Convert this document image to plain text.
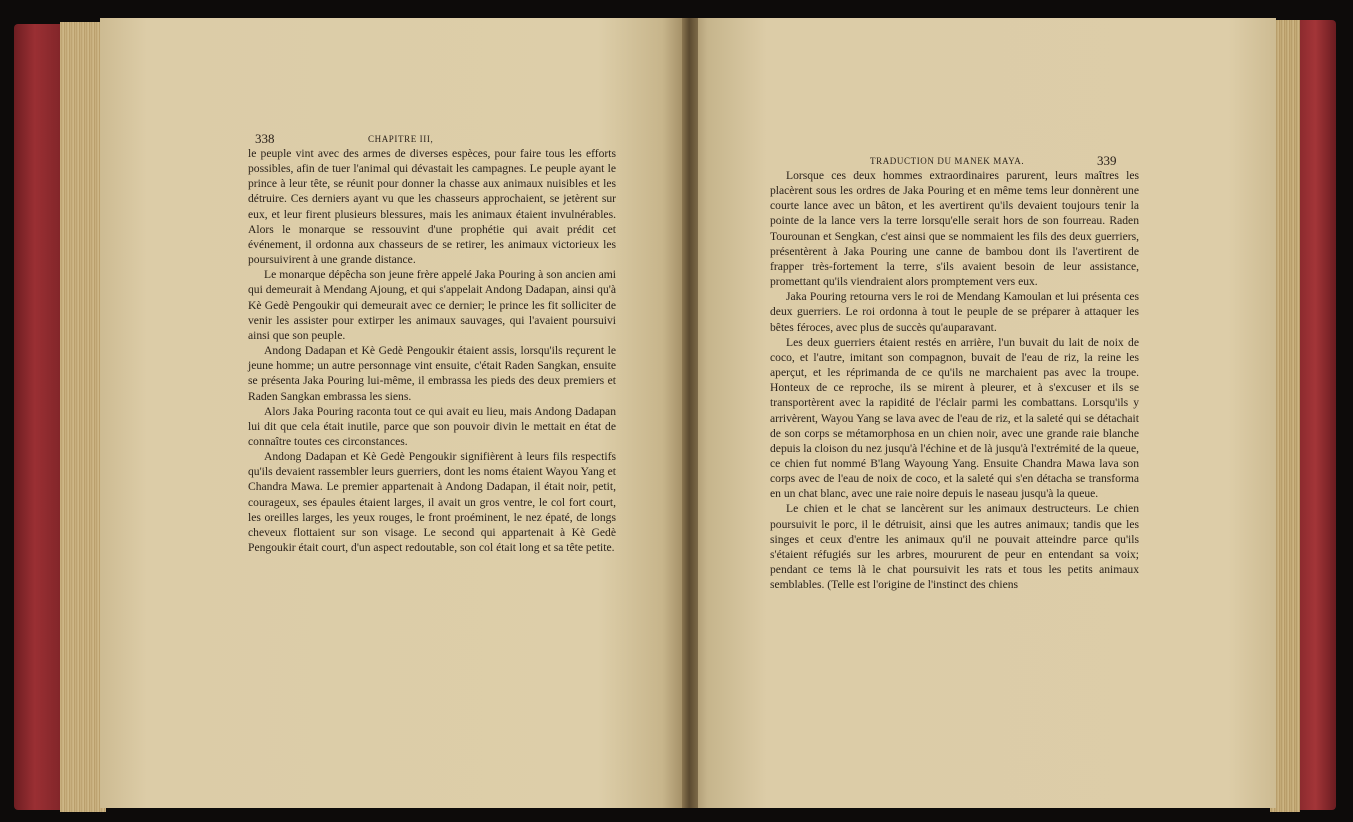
338	CHAPITRE III,

le peuple vint avec des armes de diverses espèces, pour faire tous les efforts possibles, afin de tuer l'animal qui dévastait les campagnes. Le peuple ayant le prince à leur tête, se réunit pour donner la chasse aux animaux nuisibles et les détruire. Ces derniers ayant vu que les chasseurs approchaient, se jetèrent sur eux, et leur firent plusieurs blessures, mais les animaux étaient invulnérables. Alors le monarque se ressouvint d'une prophétie qui avait prédit cet événement, il ordonna aux chasseurs de se retirer, les animaux victorieux les poursuivirent à une grande distance.

Le monarque dépêcha son jeune frère appelé Jaka Pouring à son ancien ami qui demeurait à Mendang Ajoung, et qui s'appelait Andong Dadapan, ainsi qu'à Kè Gedè Pengoukir qui demeurait avec ce dernier; le prince les fit solliciter de venir les assister pour extirper les animaux sauvages, qui l'avaient poursuivi ainsi que son peuple.

Andong Dadapan et Kè Gedè Pengoukir étaient assis, lorsqu'ils reçurent le jeune homme; un autre personnage vint ensuite, c'était Raden Sangkan, ensuite se présenta Jaka Pouring lui-même, il embrassa les pieds des deux premiers et Raden Sangkan embrassa les siens.

Alors Jaka Pouring raconta tout ce qui avait eu lieu, mais Andong Dadapan lui dit que cela était inutile, parce que son pouvoir divin le mettait en état de connaître toutes ces circonstances.

Andong Dadapan et Kè Gedè Pengoukir signifièrent à leurs fils respectifs qu'ils devaient rassembler leurs guerriers, dont les noms étaient Wayou Yang et Chandra Mawa. Le premier appartenait à Andong Dadapan, il était noir, petit, courageux, ses épaules étaient larges, il avait un gros ventre, le col fort court, les oreilles larges, les yeux rouges, le front proéminent, le nez épaté, de longs cheveux flottaient sur son visage. Le second qui appartenait à Kè Gedè Pengoukir était court, d'un aspect redoutable, son col était long et sa tête petite.

TRADUCTION DU MANEK MAYA.	339

Lorsque ces deux hommes extraordinaires parurent, leurs maîtres les placèrent sous les ordres de Jaka Pouring et en même tems leur donnèrent une courte lance avec un bâton, et les avertirent qu'ils devaient toujours tenir la pointe de la lance vers la terre lorsqu'elle serait hors de son fourreau. Raden Tourounan et Sengkan, c'est ainsi que se nommaient les fils des deux guerriers, présentèrent à Jaka Pouring une canne de bambou dont ils l'avertirent de frapper très-fortement la terre, s'ils avaient besoin de leur assistance, promettant qu'ils viendraient alors promptement vers eux.

Jaka Pouring retourna vers le roi de Mendang Kamoulan et lui présenta ces deux guerriers. Le roi ordonna à tout le peuple de se préparer à attaquer les bêtes féroces, avec plus de succès qu'auparavant.

Les deux guerriers étaient restés en arrière, l'un buvait du lait de noix de coco, et l'autre, imitant son compagnon, buvait de l'eau de riz, la reine les aperçut, et les réprimanda de ce qu'ils ne marchaient pas avec la troupe. Honteux de ce reproche, ils se mirent à pleurer, et à s'excuser et ils se transportèrent avec la rapidité de l'éclair parmi les combattans. Lorsqu'ils y arrivèrent, Wayou Yang se lava avec de l'eau de riz, et la saleté qui se détachait de son corps se métamorphosa en un chien noir, avec une grande raie blanche depuis la cloison du nez jusqu'à l'échine et de là jusqu'à l'extrémité de la queue, ce chien fut nommé B'lang Wayoung Yang. Ensuite Chandra Mawa lava son corps avec de l'eau de noix de coco, et la saleté qui s'en détacha se transforma en un chat blanc, avec une raie noire depuis le naseau jusqu'à la queue.

Le chien et le chat se lancèrent sur les animaux destructeurs. Le chien poursuivit le porc, il le détruisit, ainsi que les autres animaux; tandis que les singes et ceux d'entre les animaux qu'il ne pouvait atteindre parce qu'ils s'étaient réfugiés sur les arbres, moururent de peur en entendant sa voix; pendant ce tems là le chat poursuivit les rats et tous les petits animaux semblables. (Telle est l'origine de l'instinct des chiens
